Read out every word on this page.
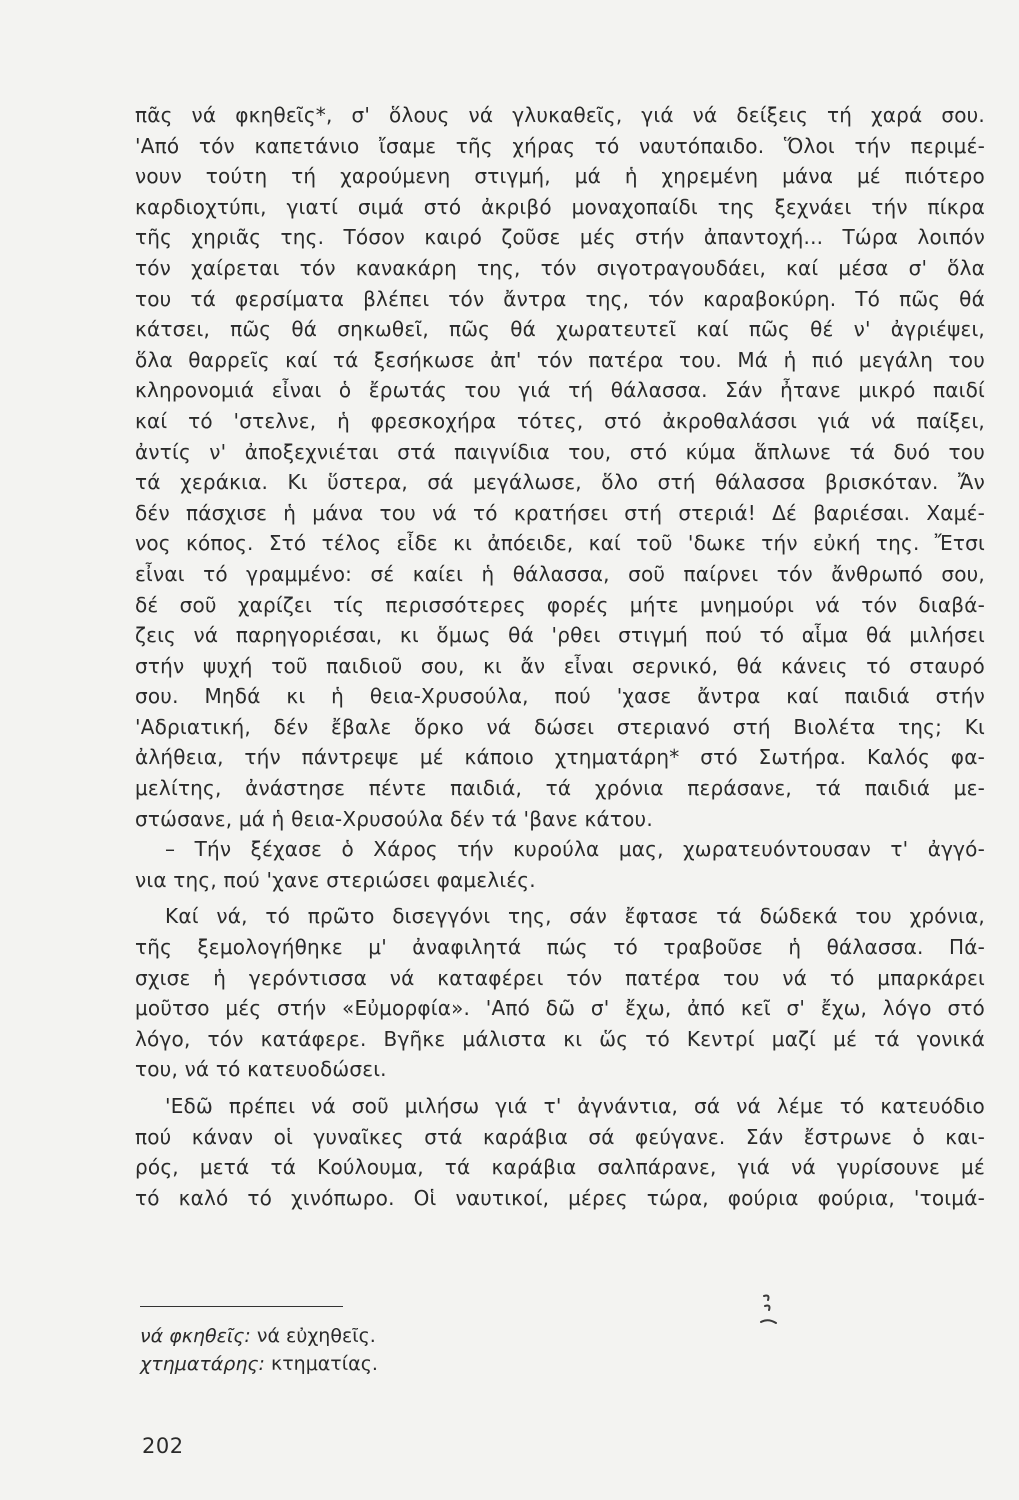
πᾶς νά φκηθεῖς*, σ' ὅλους νά γλυκαθεῖς, γιά νά δείξεις τή χαρά σου.
'Από τόν καπετάνιο ἴσαμε τῆς χήρας τό ναυτόπαιδο. Ὅλοι τήν περιμέ-
νουν τούτη τή χαρούμενη στιγμή, μά ἡ χηρεμένη μάνα μέ πιότερο
καρδιοχτύπι, γιατί σιμά στό ἀκριβό μοναχοπαίδι της ξεχνάει τήν πίκρα
τῆς χηριᾶς της. Τόσον καιρό ζοῦσε μές στήν ἀπαντοχή... Τώρα λοιπόν
τόν χαίρεται τόν κανακάρη της, τόν σιγοτραγουδάει, καί μέσα σ' ὅλα
του τά φερσίματα βλέπει τόν ἄντρα της, τόν καραβοκύρη. Τό πῶς θά
κάτσει, πῶς θά σηκωθεῖ, πῶς θά χωρατευτεῖ καί πῶς θέ ν' ἀγριέψει,
ὅλα θαρρεῖς καί τά ξεσήκωσε ἀπ' τόν πατέρα του. Μά ἡ πιό μεγάλη του
κληρονομιά εἶναι ὁ ἔρωτάς του γιά τή θάλασσα. Σάν ἦτανε μικρό παιδί
καί τό 'στελνε, ἡ φρεσκοχήρα τότες, στό ἀκροθαλάσσι γιά νά παίξει,
ἀντίς ν' ἀποξεχνιέται στά παιγνίδια του, στό κύμα ἅπλωνε τά δυό του
τά χεράκια. Κι ὕστερα, σά μεγάλωσε, ὅλο στή θάλασσα βρισκόταν. Ἄν
δέν πάσχισε ἡ μάνα του νά τό κρατήσει στή στεριά! Δέ βαριέσαι. Χαμέ-
νος κόπος. Στό τέλος εἶδε κι ἀπόειδε, καί τοῦ 'δωκε τήν εὐκή της. Ἔτσι
εἶναι τό γραμμένο: σέ καίει ἡ θάλασσα, σοῦ παίρνει τόν ἄνθρωπό σου,
δέ σοῦ χαρίζει τίς περισσότερες φορές μήτε μνημούρι νά τόν διαβά-
ζεις νά παρηγοριέσαι, κι ὅμως θά 'ρθει στιγμή πού τό αἷμα θά μιλήσει
στήν ψυχή τοῦ παιδιοῦ σου, κι ἄν εἶναι σερνικό, θά κάνεις τό σταυρό
σου. Μηδά κι ἡ θεια-Χρυσούλα, πού 'χασε ἄντρα καί παιδιά στήν
'Αδριατική, δέν ἔβαλε ὅρκο νά δώσει στεριανό στή Βιολέτα της; Κι
ἀλήθεια, τήν πάντρεψε μέ κάποιο χτηματάρη* στό Σωτήρα. Καλός φα-
μελίτης, ἀνάστησε πέντε παιδιά, τά χρόνια περάσανε, τά παιδιά με-
στώσανε, μά ἡ θεια-Χρυσούλα δέν τά 'βανε κάτου.
– Τήν ξέχασε ὁ Χάρος τήν κυρούλα μας, χωρατευόντουσαν τ' ἀγγό-
νια της, πού 'χανε στεριώσει φαμελιές.
Καί νά, τό πρῶτο δισεγγόνι της, σάν ἔφτασε τά δώδεκά του χρόνια,
τῆς ξεμολογήθηκε μ' ἀναφιλητά πώς τό τραβοῦσε ἡ θάλασσα. Πά-
σχισε ἡ γερόντισσα νά καταφέρει τόν πατέρα του νά τό μπαρκάρει
μοῦτσο μές στήν «Εὐμορφία». 'Από δῶ σ' ἔχω, ἀπό κεῖ σ' ἔχω, λόγο στό
λόγο, τόν κατάφερε. Βγῆκε μάλιστα κι ὥς τό Κεντρί μαζί μέ τά γονικά
του, νά τό κατευοδώσει.
'Εδῶ πρέπει νά σοῦ μιλήσω γιά τ' ἀγνάντια, σά νά λέμε τό κατευόδιο
πού κάναν οἱ γυναῖκες στά καράβια σά φεύγανε. Σάν ἔστρωνε ὁ και-
ρός, μετά τά Κούλουμα, τά καράβια σαλπάρανε, γιά νά γυρίσουνε μέ
τό καλό τό χινόπωρο. Οἱ ναυτικοί, μέρες τώρα, φούρια φούρια, 'τοιμά-
νά φκηθεῖς: νά εὐχηθεῖς.
χτηματάρης: κτηματίας.
202
